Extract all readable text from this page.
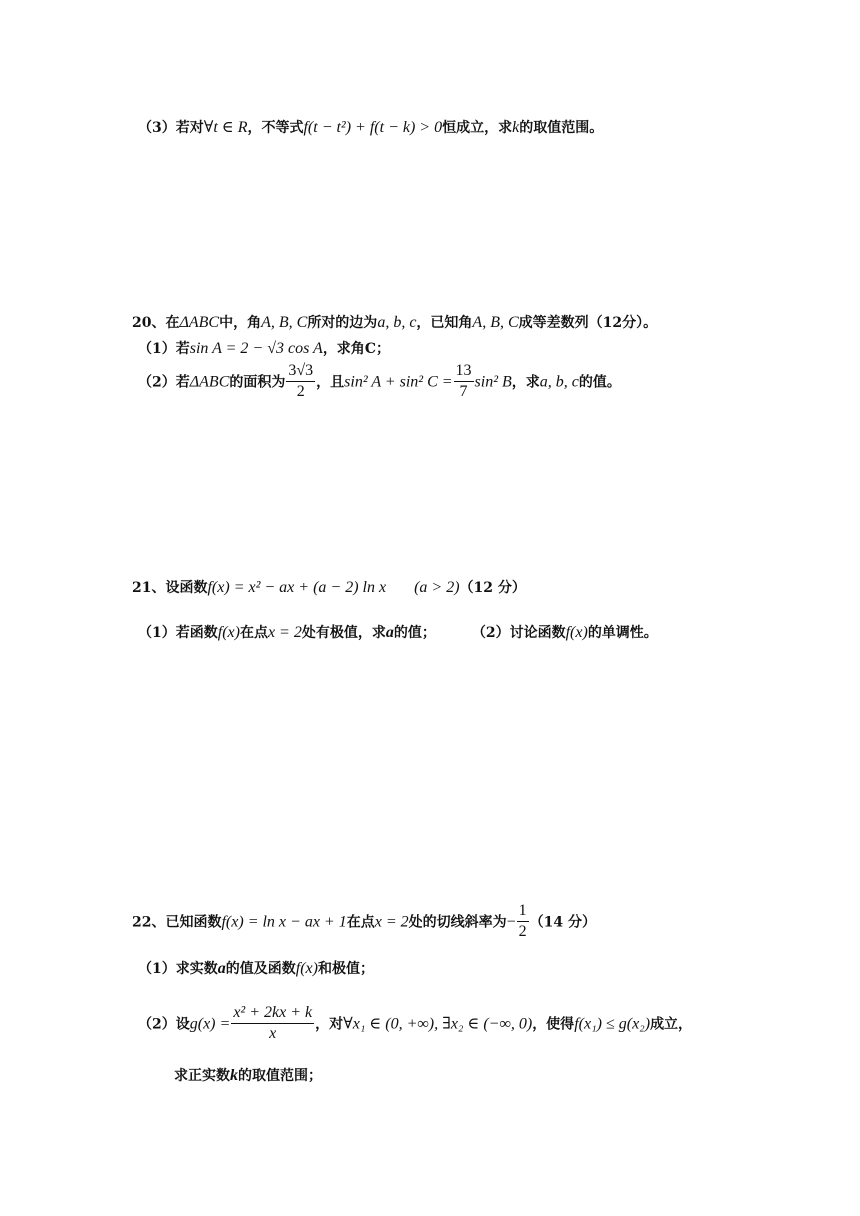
（3）若对∀t ∈ R，不等式f(t − t²) + f(t − k) > 0恒成立，求k的取值范围。
20、在ΔABC中，角A, B, C所对的边为a, b, c，已知角A, B, C成等差数列（12分）。
（1）若sin A = 2 − √3 cos A，求角C；
（2）若ΔABC的面积为 $\frac{3√3}{2}$ ，且sin² A + sin² $C = \frac{13}{7} \sin^2$ B，求a, b, c的值。
21、设函数f(x) = x² − ax + (a − 2) ln x (a > 2)（12 分）
（1）若函数f(x)在点x = 2处有极值，求a的值；	（2）讨论函数f(x)的单调性。
22、已知函数f(x) = ln x − ax + 1在点x = 2处的切线斜率为− $\frac{1}{2} (14$ 分）
（1）求实数a的值及函数f(x)和极值；
（2）设$g(x) = \frac{\text{x² + 2kx + k}}{x}$ ，对∀x₁ ∈ (0, +∞), ∃x₂ ∈ (−∞, 0)，使得f(x₁) ≤ g(x₂)成立，
求正实数k的取值范围；
